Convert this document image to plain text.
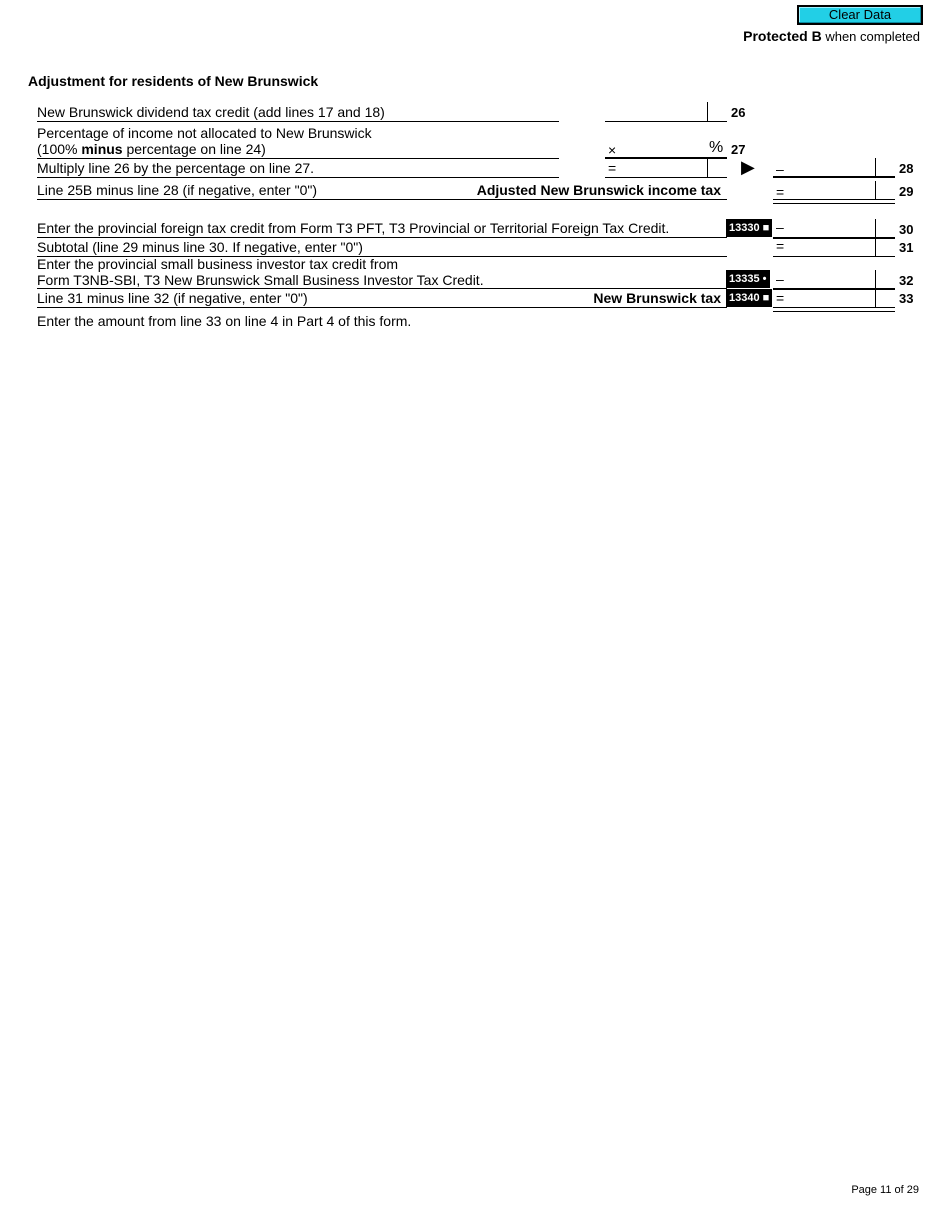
Clear Data
Protected B when completed
Adjustment for residents of New Brunswick
New Brunswick dividend tax credit (add lines 17 and 18)	26
Percentage of income not allocated to New Brunswick
(100% minus percentage on line 24)	×	% 27
Multiply line 26 by the percentage on line 27.	=	▶ –	28
Line 25B minus line 28 (if negative, enter "0")	Adjusted New Brunswick income tax	=	29
Enter the provincial foreign tax credit from Form T3 PFT, T3 Provincial or Territorial Foreign Tax Credit.	13330 ■ –	30
Subtotal (line 29 minus line 30. If negative, enter "0")	=	31
Enter the provincial small business investor tax credit from
Form T3NB-SBI, T3 New Brunswick Small Business Investor Tax Credit.	13335 • –	32
Line 31 minus line 32 (if negative, enter "0")	New Brunswick tax 13340 ■ =	33
Enter the amount from line 33 on line 4 in Part 4 of this form.
Page 11 of 29
